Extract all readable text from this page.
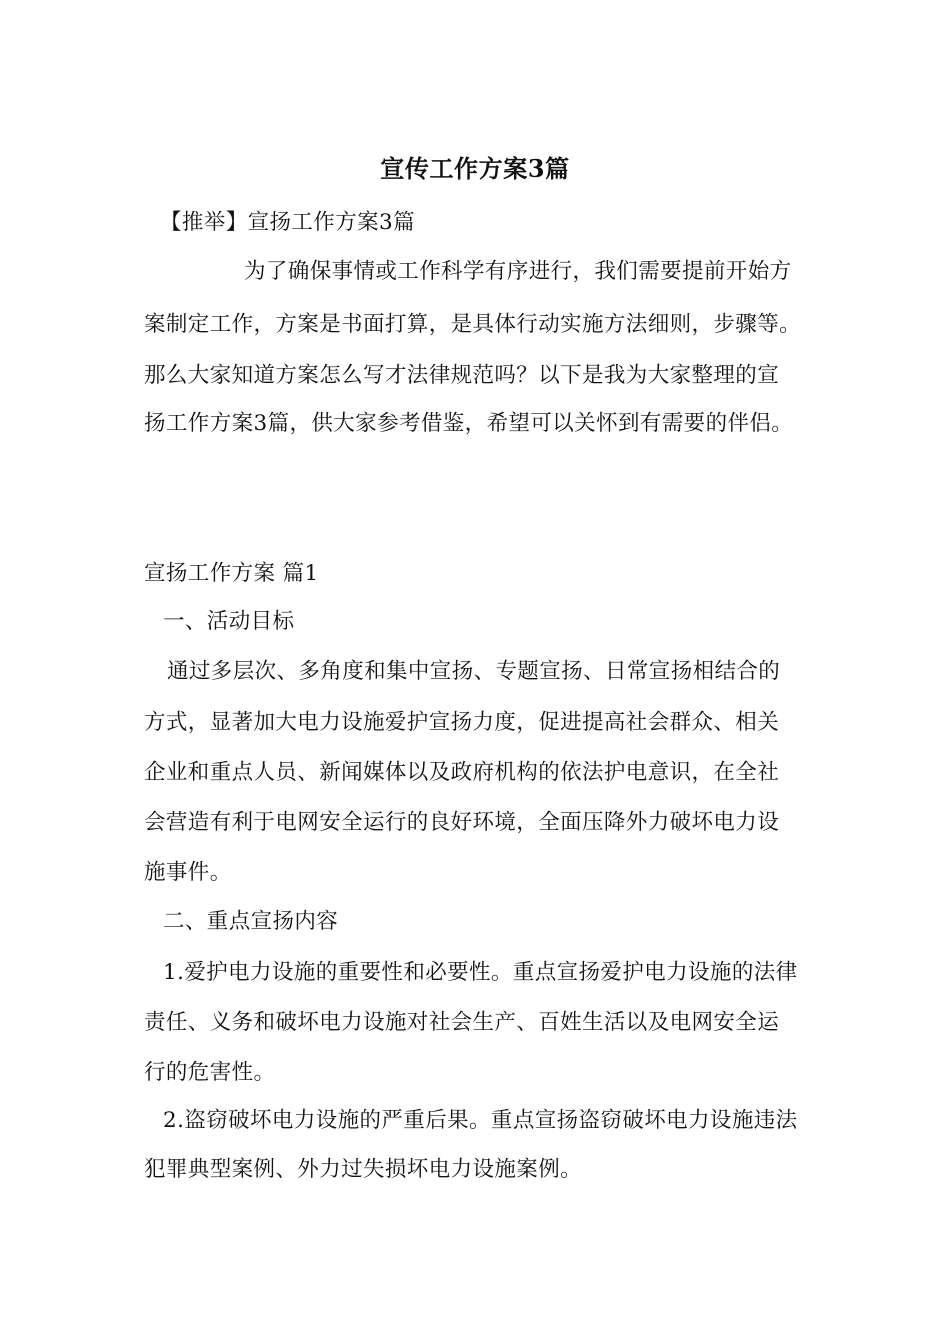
宣传工作方案3篇
【推举】宣扬工作方案3篇
为了确保事情或工作科学有序进行，我们需要提前开始方
案制定工作，方案是书面打算，是具体行动实施方法细则，步骤等。
那么大家知道方案怎么写才法律规范吗？以下是我为大家整理的宣
扬工作方案3篇，供大家参考借鉴，希望可以关怀到有需要的伴侣。
宣扬工作方案 篇1
一、活动目标
通过多层次、多角度和集中宣扬、专题宣扬、日常宣扬相结合的
方式，显著加大电力设施爱护宣扬力度，促进提高社会群众、相关
企业和重点人员、新闻媒体以及政府机构的依法护电意识，在全社
会营造有利于电网安全运行的良好环境，全面压降外力破坏电力设
施事件。
二、重点宣扬内容
1.爱护电力设施的重要性和必要性。重点宣扬爱护电力设施的法律
责任、义务和破坏电力设施对社会生产、百姓生活以及电网安全运
行的危害性。
2.盗窃破坏电力设施的严重后果。重点宣扬盗窃破坏电力设施违法
犯罪典型案例、外力过失损坏电力设施案例。
